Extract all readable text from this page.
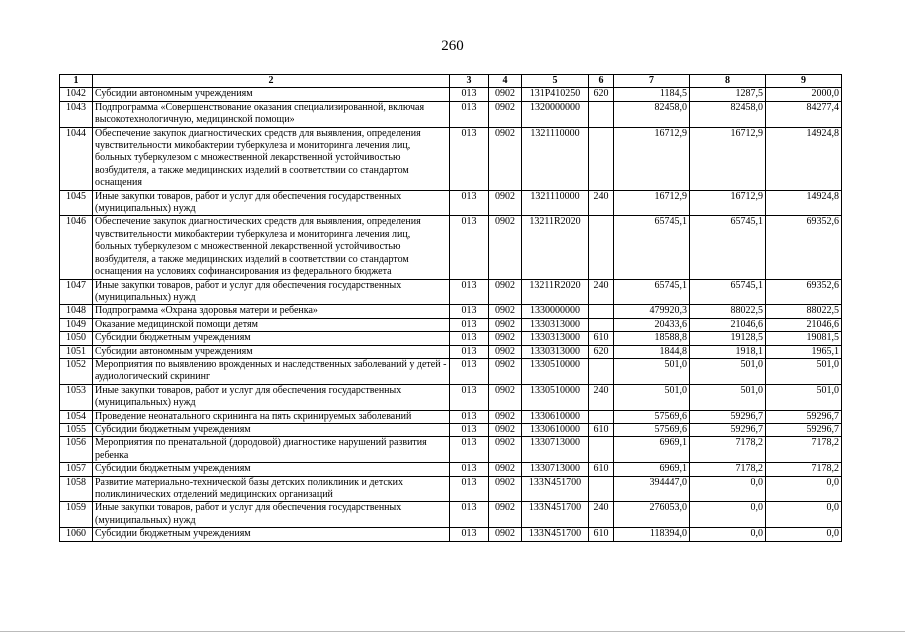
260
1	2	3	4	5	6	7	8	9
1042	Субсидии автономным учреждениям	013	0902	131P410250	620	1184,5	1287,5	2000,0
1043	Подпрограмма «Совершенствование оказания специализированной, включая высокотехнологичную, медицинской помощи»	013	0902	1320000000		82458,0	82458,0	84277,4
1044	Обеспечение закупок диагностических средств для выявления, определения чувствительности микобактерии туберкулеза и мониторинга лечения лиц, больных туберкулезом с множественной лекарственной устойчивостью возбудителя, а также медицинских изделий в соответствии со стандартом оснащения	013	0902	1321110000		16712,9	16712,9	14924,8
1045	Иные закупки товаров, работ и услуг для обеспечения государственных (муниципальных) нужд	013	0902	1321110000	240	16712,9	16712,9	14924,8
1046	Обеспечение закупок диагностических средств для выявления, определения чувствительности микобактерии туберкулеза и мониторинга лечения лиц, больных туберкулезом с множественной лекарственной устойчивостью возбудителя, а также медицинских изделий в соответствии со стандартом оснащения на условиях софинансирования из федерального бюджета	013	0902	13211R2020		65745,1	65745,1	69352,6
1047	Иные закупки товаров, работ и услуг для обеспечения государственных (муниципальных) нужд	013	0902	13211R2020	240	65745,1	65745,1	69352,6
1048	Подпрограмма «Охрана здоровья матери и ребенка»	013	0902	1330000000		479920,3	88022,5	88022,5
1049	Оказание медицинской помощи детям	013	0902	1330313000		20433,6	21046,6	21046,6
1050	Субсидии бюджетным учреждениям	013	0902	1330313000	610	18588,8	19128,5	19081,5
1051	Субсидии автономным учреждениям	013	0902	1330313000	620	1844,8	1918,1	1965,1
1052	Мероприятия по выявлению врожденных и наследственных заболеваний у детей - аудиологический скрининг	013	0902	1330510000		501,0	501,0	501,0
1053	Иные закупки товаров, работ и услуг для обеспечения государственных (муниципальных) нужд	013	0902	1330510000	240	501,0	501,0	501,0
1054	Проведение неонатального скрининга на пять скринируемых заболеваний	013	0902	1330610000		57569,6	59296,7	59296,7
1055	Субсидии бюджетным учреждениям	013	0902	1330610000	610	57569,6	59296,7	59296,7
1056	Мероприятия по пренатальной (дородовой) диагностике нарушений развития ребенка	013	0902	1330713000		6969,1	7178,2	7178,2
1057	Субсидии бюджетным учреждениям	013	0902	1330713000	610	6969,1	7178,2	7178,2
1058	Развитие материально-технической базы детских поликлиник и детских поликлинических отделений медицинских организаций	013	0902	133N451700		394447,0	0,0	0,0
1059	Иные закупки товаров, работ и услуг для обеспечения государственных (муниципальных) нужд	013	0902	133N451700	240	276053,0	0,0	0,0
1060	Субсидии бюджетным учреждениям	013	0902	133N451700	610	118394,0	0,0	0,0
